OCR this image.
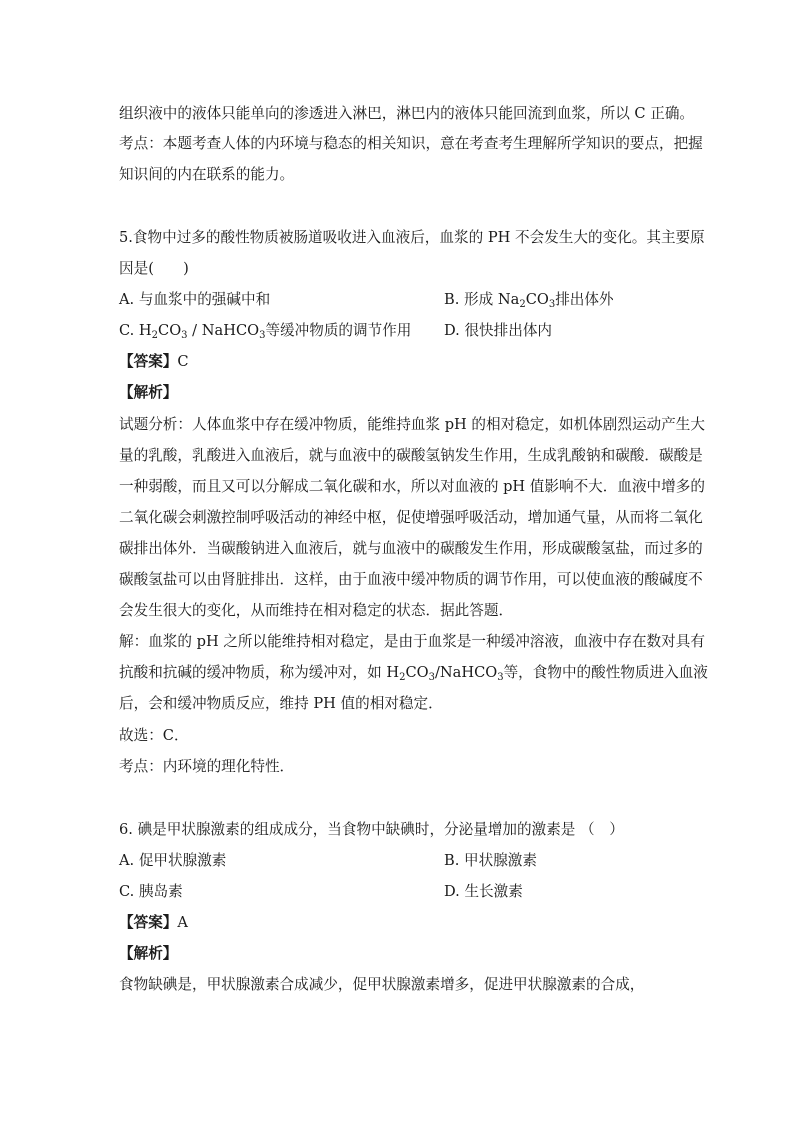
组织液中的液体只能单向的渗透进入淋巴，淋巴内的液体只能回流到血浆，所以 C 正确。
考点：本题考查人体的内环境与稳态的相关知识，意在考查考生理解所学知识的要点，把握
知识间的内在联系的能力。
5.食物中过多的酸性物质被肠道吸收进入血液后，血浆的 PH 不会发生大的变化。其主要原
因是(　　)
A. 与血浆中的强碱中和	B. 形成 $Na_2CO_3$排出体外
C. $H_2CO_3$ / NaHCO$_3$等缓冲物质的调节作用 D. 很快排出体内
【答案】C
【解析】
试题分析：人体血浆中存在缓冲物质，能维持血浆 pH 的相对稳定，如机体剧烈运动产生大
量的乳酸，乳酸进入血液后，就与血液中的碳酸氢钠发生作用，生成乳酸钠和碳酸．碳酸是
一种弱酸，而且又可以分解成二氧化碳和水，所以对血液的 pH 值影响不大．血液中增多的
二氧化碳会刺激控制呼吸活动的神经中枢，促使增强呼吸活动，增加通气量，从而将二氧化
碳排出体外．当碳酸钠进入血液后，就与血液中的碳酸发生作用，形成碳酸氢盐，而过多的
碳酸氢盐可以由肾脏排出．这样，由于血液中缓冲物质的调节作用，可以使血液的酸碱度不
会发生很大的变化，从而维持在相对稳定的状态．据此答题．
解：血浆的 pH 之所以能维持相对稳定，是由于血浆是一种缓冲溶液，血液中存在数对具有
抗酸和抗碱的缓冲物质，称为缓冲对，如 $H_2CO_3/NaHCO_3$等，食物中的酸性物质进入血液
后，会和缓冲物质反应，维持 PH 值的相对稳定．
故选：C．
考点：内环境的理化特性．
6. 碘是甲状腺激素的组成成分，当食物中缺碘时，分泌量增加的激素是 （　）
A. 促甲状腺激素	B. 甲状腺激素
C. 胰岛素	D. 生长激素
【答案】A
【解析】
食物缺碘是，甲状腺激素合成减少，促甲状腺激素增多，促进甲状腺激素的合成，
